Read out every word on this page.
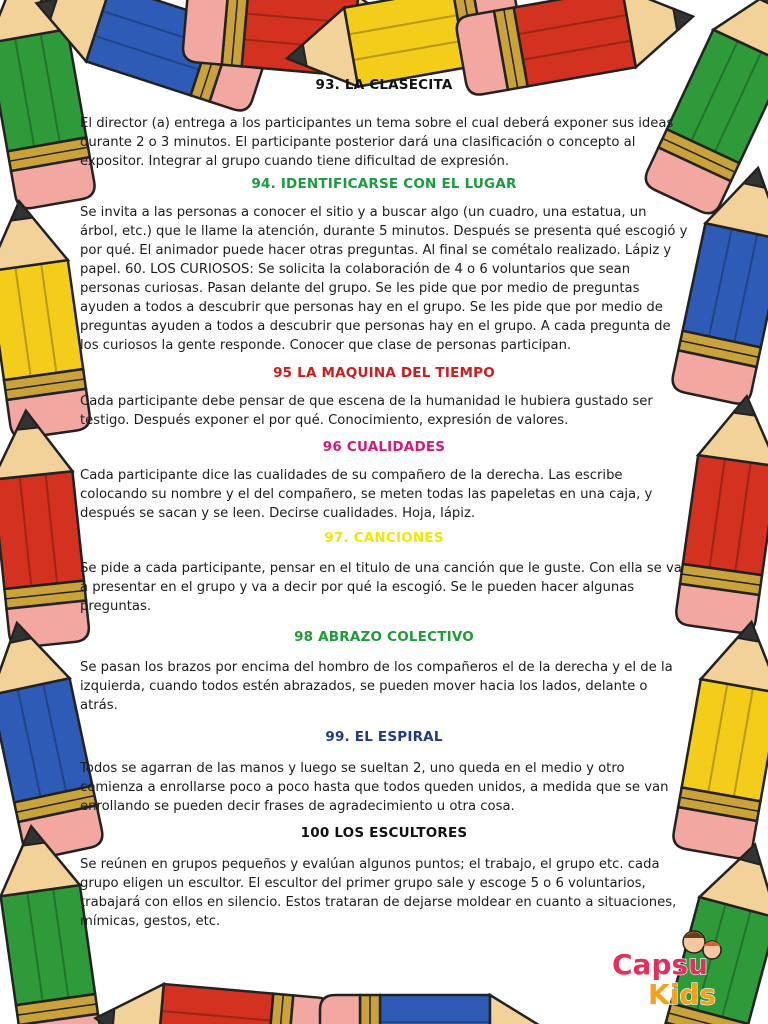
93. LA CLASECITA

El director (a) entrega a los participantes un tema sobre el cual deberá exponer sus ideas durante 2 o 3 minutos. El participante posterior dará una clasificación o concepto al expositor. Integrar al grupo cuando tiene dificultad de expresión.

94. IDENTIFICARSE CON EL LUGAR

Se invita a las personas a conocer el sitio y a buscar algo (un cuadro, una estatua, un árbol, etc.) que le llame la atención, durante 5 minutos. Después se presenta qué escogió y por qué. El animador puede hacer otras preguntas. Al final se cométalo realizado. Lápiz y papel. 60. LOS CURIOSOS: Se solicita la colaboración de 4 o 6 voluntarios que sean personas curiosas. Pasan delante del grupo. Se les pide que por medio de preguntas ayuden a todos a descubrir que personas hay en el grupo. Se les pide que por medio de preguntas ayuden a todos a descubrir que personas hay en el grupo. A cada pregunta de los curiosos la gente responde. Conocer que clase de personas participan.

95 LA MAQUINA DEL TIEMPO

Cada participante debe pensar de que escena de la humanidad le hubiera gustado ser testigo. Después exponer el por qué. Conocimiento, expresión de valores.

96 CUALIDADES

Cada participante dice las cualidades de su compañero de la derecha. Las escribe colocando su nombre y el del compañero, se meten todas las papeletas en una caja, y después se sacan y se leen. Decirse cualidades. Hoja, lápiz.

97. CANCIONES

Se pide a cada participante, pensar en el titulo de una canción que le guste. Con ella se va a presentar en el grupo y va a decir por qué la escogió. Se le pueden hacer algunas preguntas.

98 ABRAZO COLECTIVO

Se pasan los brazos por encima del hombro de los compañeros el de la derecha y el de la izquierda, cuando todos estén abrazados, se pueden mover hacia los lados, delante o atrás.

99. EL ESPIRAL

Todos se agarran de las manos y luego se sueltan 2, uno queda en el medio y otro comienza a enrollarse poco a poco hasta que todos queden unidos, a medida que se van enrollando se pueden decir frases de agradecimiento u otra cosa.

100 LOS ESCULTORES

Se reúnen en grupos pequeños y evalúan algunos puntos; el trabajo, el grupo etc. cada grupo eligen un escultor. El escultor del primer grupo sale y escoge 5 o 6 voluntarios, trabajará con ellos en silencio. Estos trataran de dejarse moldear en cuanto a situaciones, mímicas, gestos, etc.

Capsu
Kids
